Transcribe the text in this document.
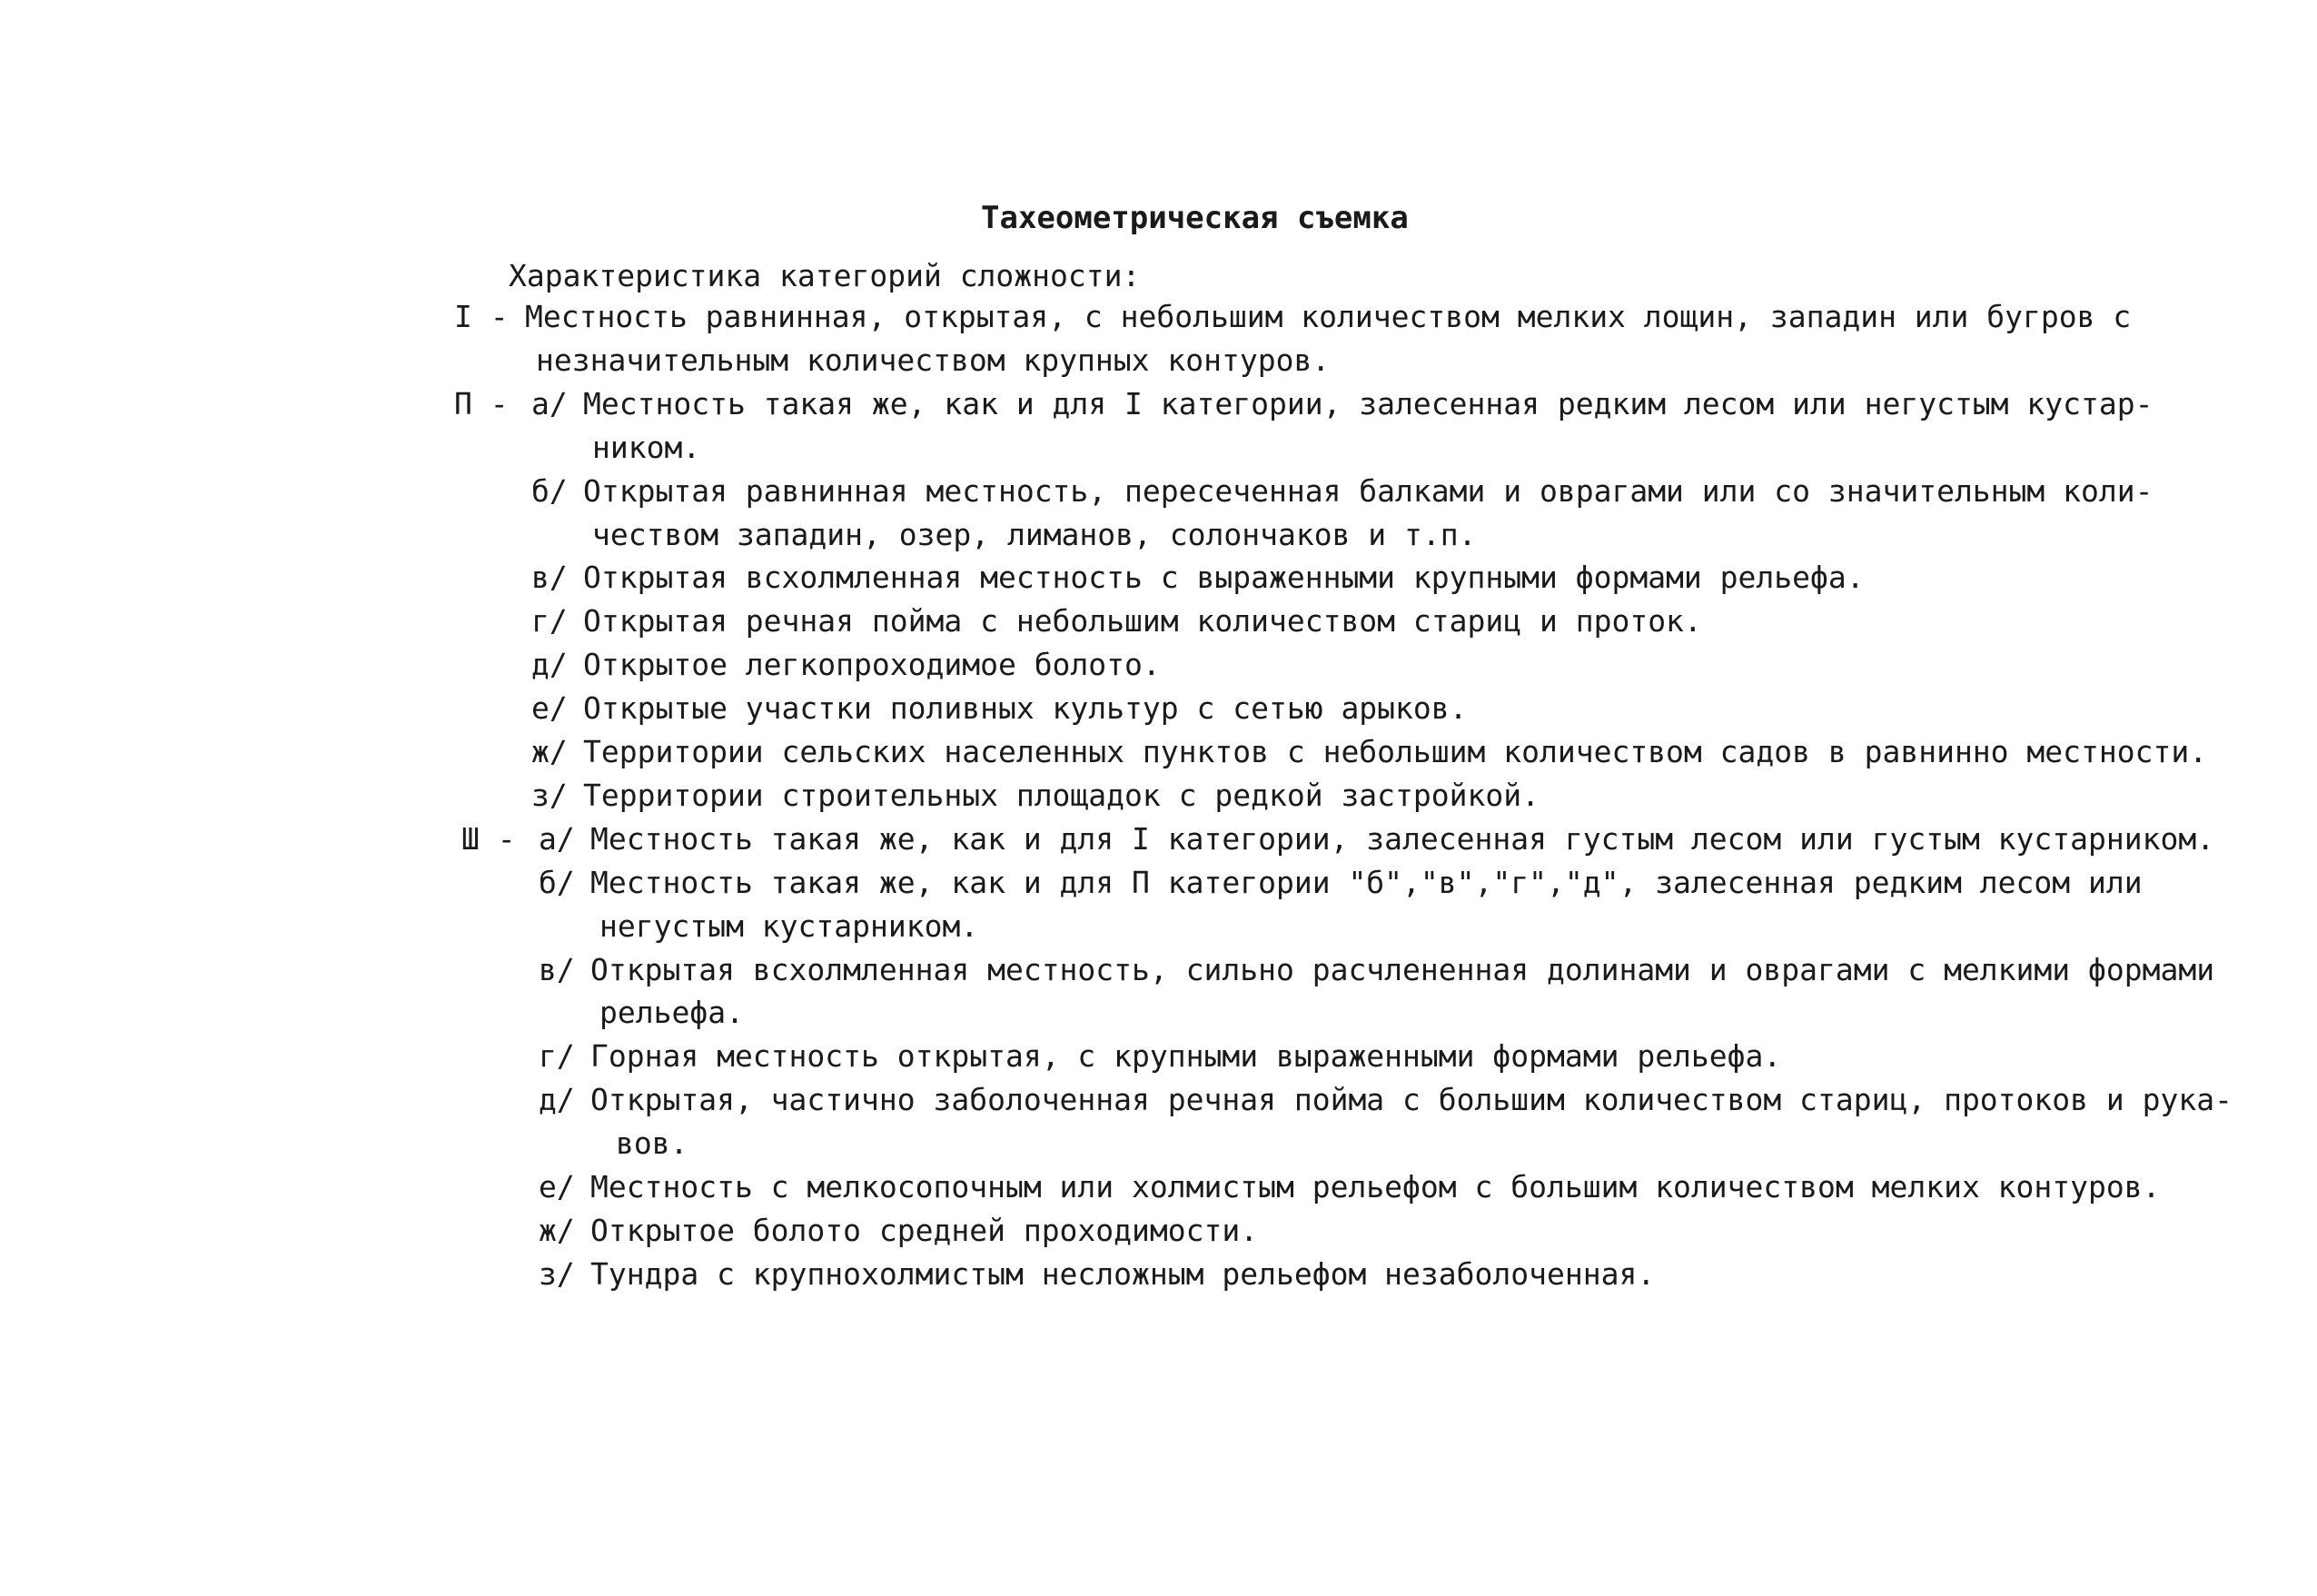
Тахеометрическая съемка
Характеристика категорий сложности:
I - Местность равнинная, открытая, с небольшим количеством мелких лощин, западин или бугров с
незначительным количеством крупных контуров.
П - а/ Местность такая же, как и для I категории, залесенная редким лесом или негустым кустар-
ником.
б/ Открытая равнинная местность, пересеченная балками и оврагами или со значительным коли-
чеством западин, озер, лиманов, солончаков и т.п.
в/ Открытая всхолмленная местность с выраженными крупными формами рельефа.
г/ Открытая речная пойма с небольшим количеством стариц и проток.
д/ Открытое легкопроходимое болото.
е/ Открытые участки поливных культур с сетью арыков.
ж/ Территории сельских населенных пунктов с небольшим количеством садов в равнинно местности.
з/ Территории строительных площадок с редкой застройкой.
Ш - а/ Местность такая же, как и для I категории, залесенная густым лесом или густым кустарником.
б/ Местность такая же, как и для П категории "б","в","г","д", залесенная редким лесом или
негустым кустарником.
в/ Открытая всхолмленная местность, сильно расчлененная долинами и оврагами с мелкими формами
рельефа.
г/ Горная местность открытая, с крупными выраженными формами рельефа.
д/ Открытая, частично заболоченная речная пойма с большим количеством стариц, протоков и рука-
вов.
е/ Местность с мелкосопочным или холмистым рельефом с большим количеством мелких контуров.
ж/ Открытое болото средней проходимости.
з/ Тундра с крупнохолмистым несложным рельефом незаболоченная.
